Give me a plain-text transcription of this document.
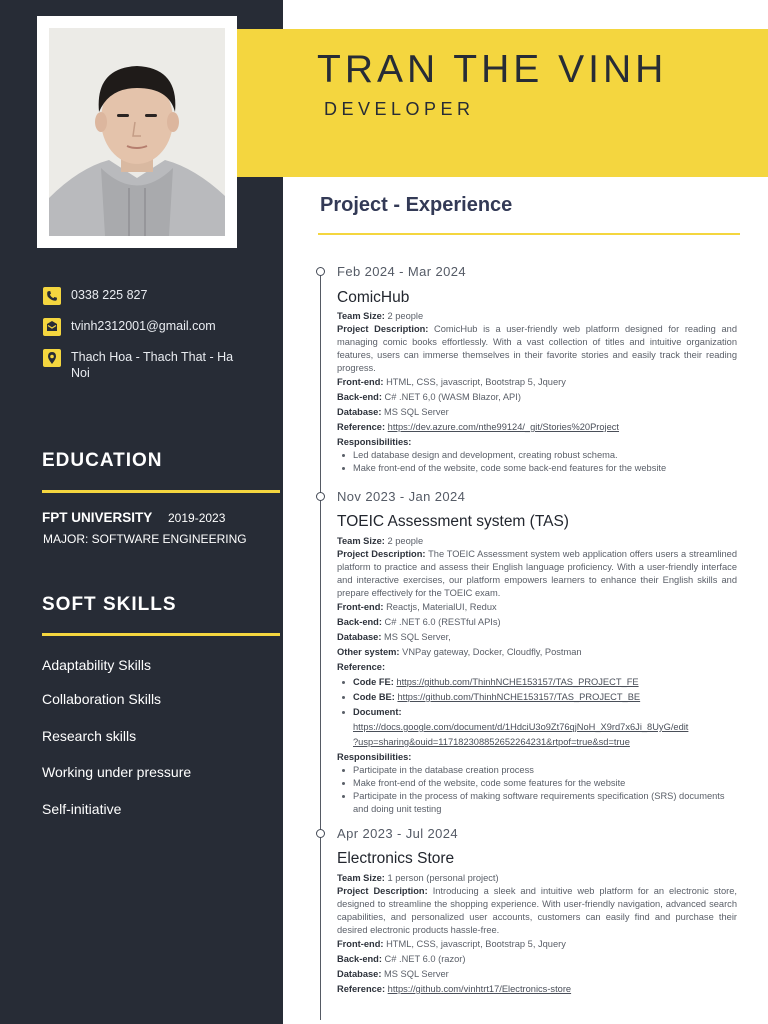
0338 225 827
tvinh2312001@gmail.com
Thach Hoa - Thach That - Ha Noi
EDUCATION
FPT UNIVERSITY 2019-2023
MAJOR: SOFTWARE ENGINEERING
SOFT SKILLS
Adaptability Skills
Collaboration Skills
Research skills
Working under pressure
Self-initiative
TRAN THE VINH
DEVELOPER
Project - Experience
Feb 2024 - Mar 2024
ComicHub

Team Size: 2 people

Project Description: ComicHub is a user-friendly web platform designed for reading and managing comic books effortlessly. With a vast collection of titles and intuitive organization features, users can immerse themselves in their favorite stories and easily track their reading progress.

Front-end: HTML, CSS, javascript, Bootstrap 5, Jquery

Back-end: C# .NET 6,0 (WASM Blazor, API)

Database: MS SQL Server

Reference: https://dev.azure.com/nthe99124/_git/Stories%20Project

Responsibilities:

Led database design and development, creating robust schema.
Make front-end of the website, code some back-end features for the website
Nov 2023 - Jan 2024
TOEIC Assessment system (TAS)

Team Size: 2 people

Project Description: The TOEIC Assessment system web application offers users a streamlined platform to practice and assess their English language proficiency. With a user-friendly interface and interactive exercises, our platform empowers learners to enhance their English skills and prepare effectively for the TOEIC exam.

Front-end: Reactjs, MaterialUI, Redux

Back-end: C# .NET 6.0 (RESTful APIs)

Database: MS SQL Server,

Other system: VNPay gateway, Docker, Cloudfly, Postman

Reference:

Code FE: https://github.com/ThinhNCHE153157/TAS_PROJECT_FE
Code BE: https://github.com/ThinhNCHE153157/TAS_PROJECT_BE
Document:

https://docs.google.com/document/d/1HdciU3o9Zt76qjNoH_X9rd7x6Ji_8UyG/edit

?usp=sharing&ouid=117182308852652264231&rtpof=true&sd=true

Responsibilities:

Participate in the database creation process
Make front-end of the website, code some features for the website
Participate in the process of making software requirements specification (SRS) documents and doing unit testing
Apr 2023 - Jul 2024
Electronics Store

Team Size: 1 person (personal project)

Project Description: Introducing a sleek and intuitive web platform for an electronic store, designed to streamline the shopping experience. With user-friendly navigation, advanced search capabilities, and personalized user accounts, customers can easily find and purchase their desired electronic products hassle-free.

Front-end: HTML, CSS, javascript, Bootstrap 5, Jquery

Back-end: C# .NET 6.0 (razor)

Database: MS SQL Server

Reference: https://github.com/vinhtrt17/Electronics-store
